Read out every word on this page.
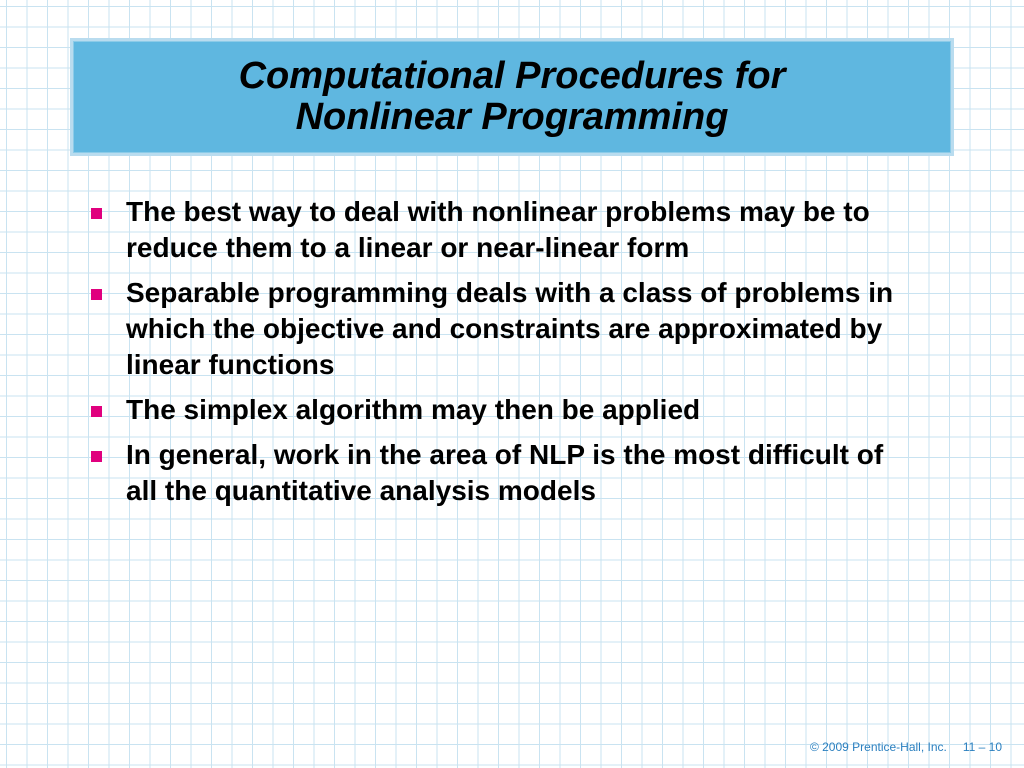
Computational Procedures for
Nonlinear Programming
The best way to deal with nonlinear problems may be to reduce them to a linear or near-linear form
Separable programming deals with a class of problems in which the objective and constraints are approximated by linear functions
The simplex algorithm may then be applied
In general, work in the area of NLP is the most difficult of all the quantitative analysis models
© 2009 Prentice-Hall, Inc. 11 – 10
